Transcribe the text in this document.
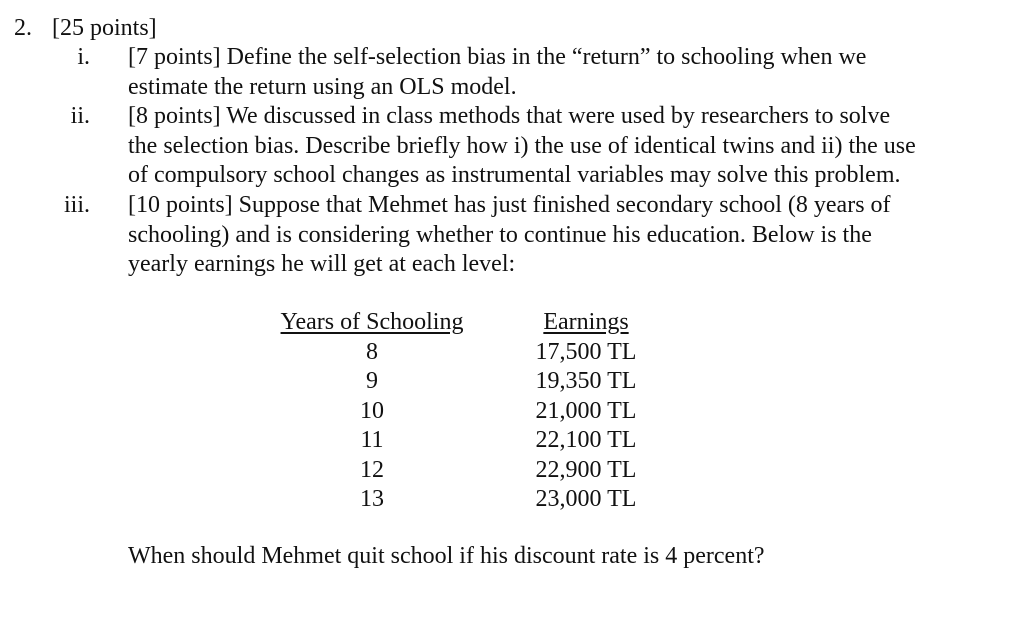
2. [25 points]
i. [7 points] Define the self-selection bias in the “return” to schooling when we
estimate the return using an OLS model.
ii. [8 points] We discussed in class methods that were used by researchers to solve
the selection bias. Describe briefly how i) the use of identical twins and ii) the use
of compulsory school changes as instrumental variables may solve this problem.
iii. [10 points] Suppose that Mehmet has just finished secondary school (8 years of
schooling) and is considering whether to continue his education. Below is the
yearly earnings he will get at each level:
Years of Schooling
8
9
10
11
12
13
Earnings
17,500 TL
19,350 TL
21,000 TL
22,100 TL
22,900 TL
23,000 TL
When should Mehmet quit school if his discount rate is 4 percent?
